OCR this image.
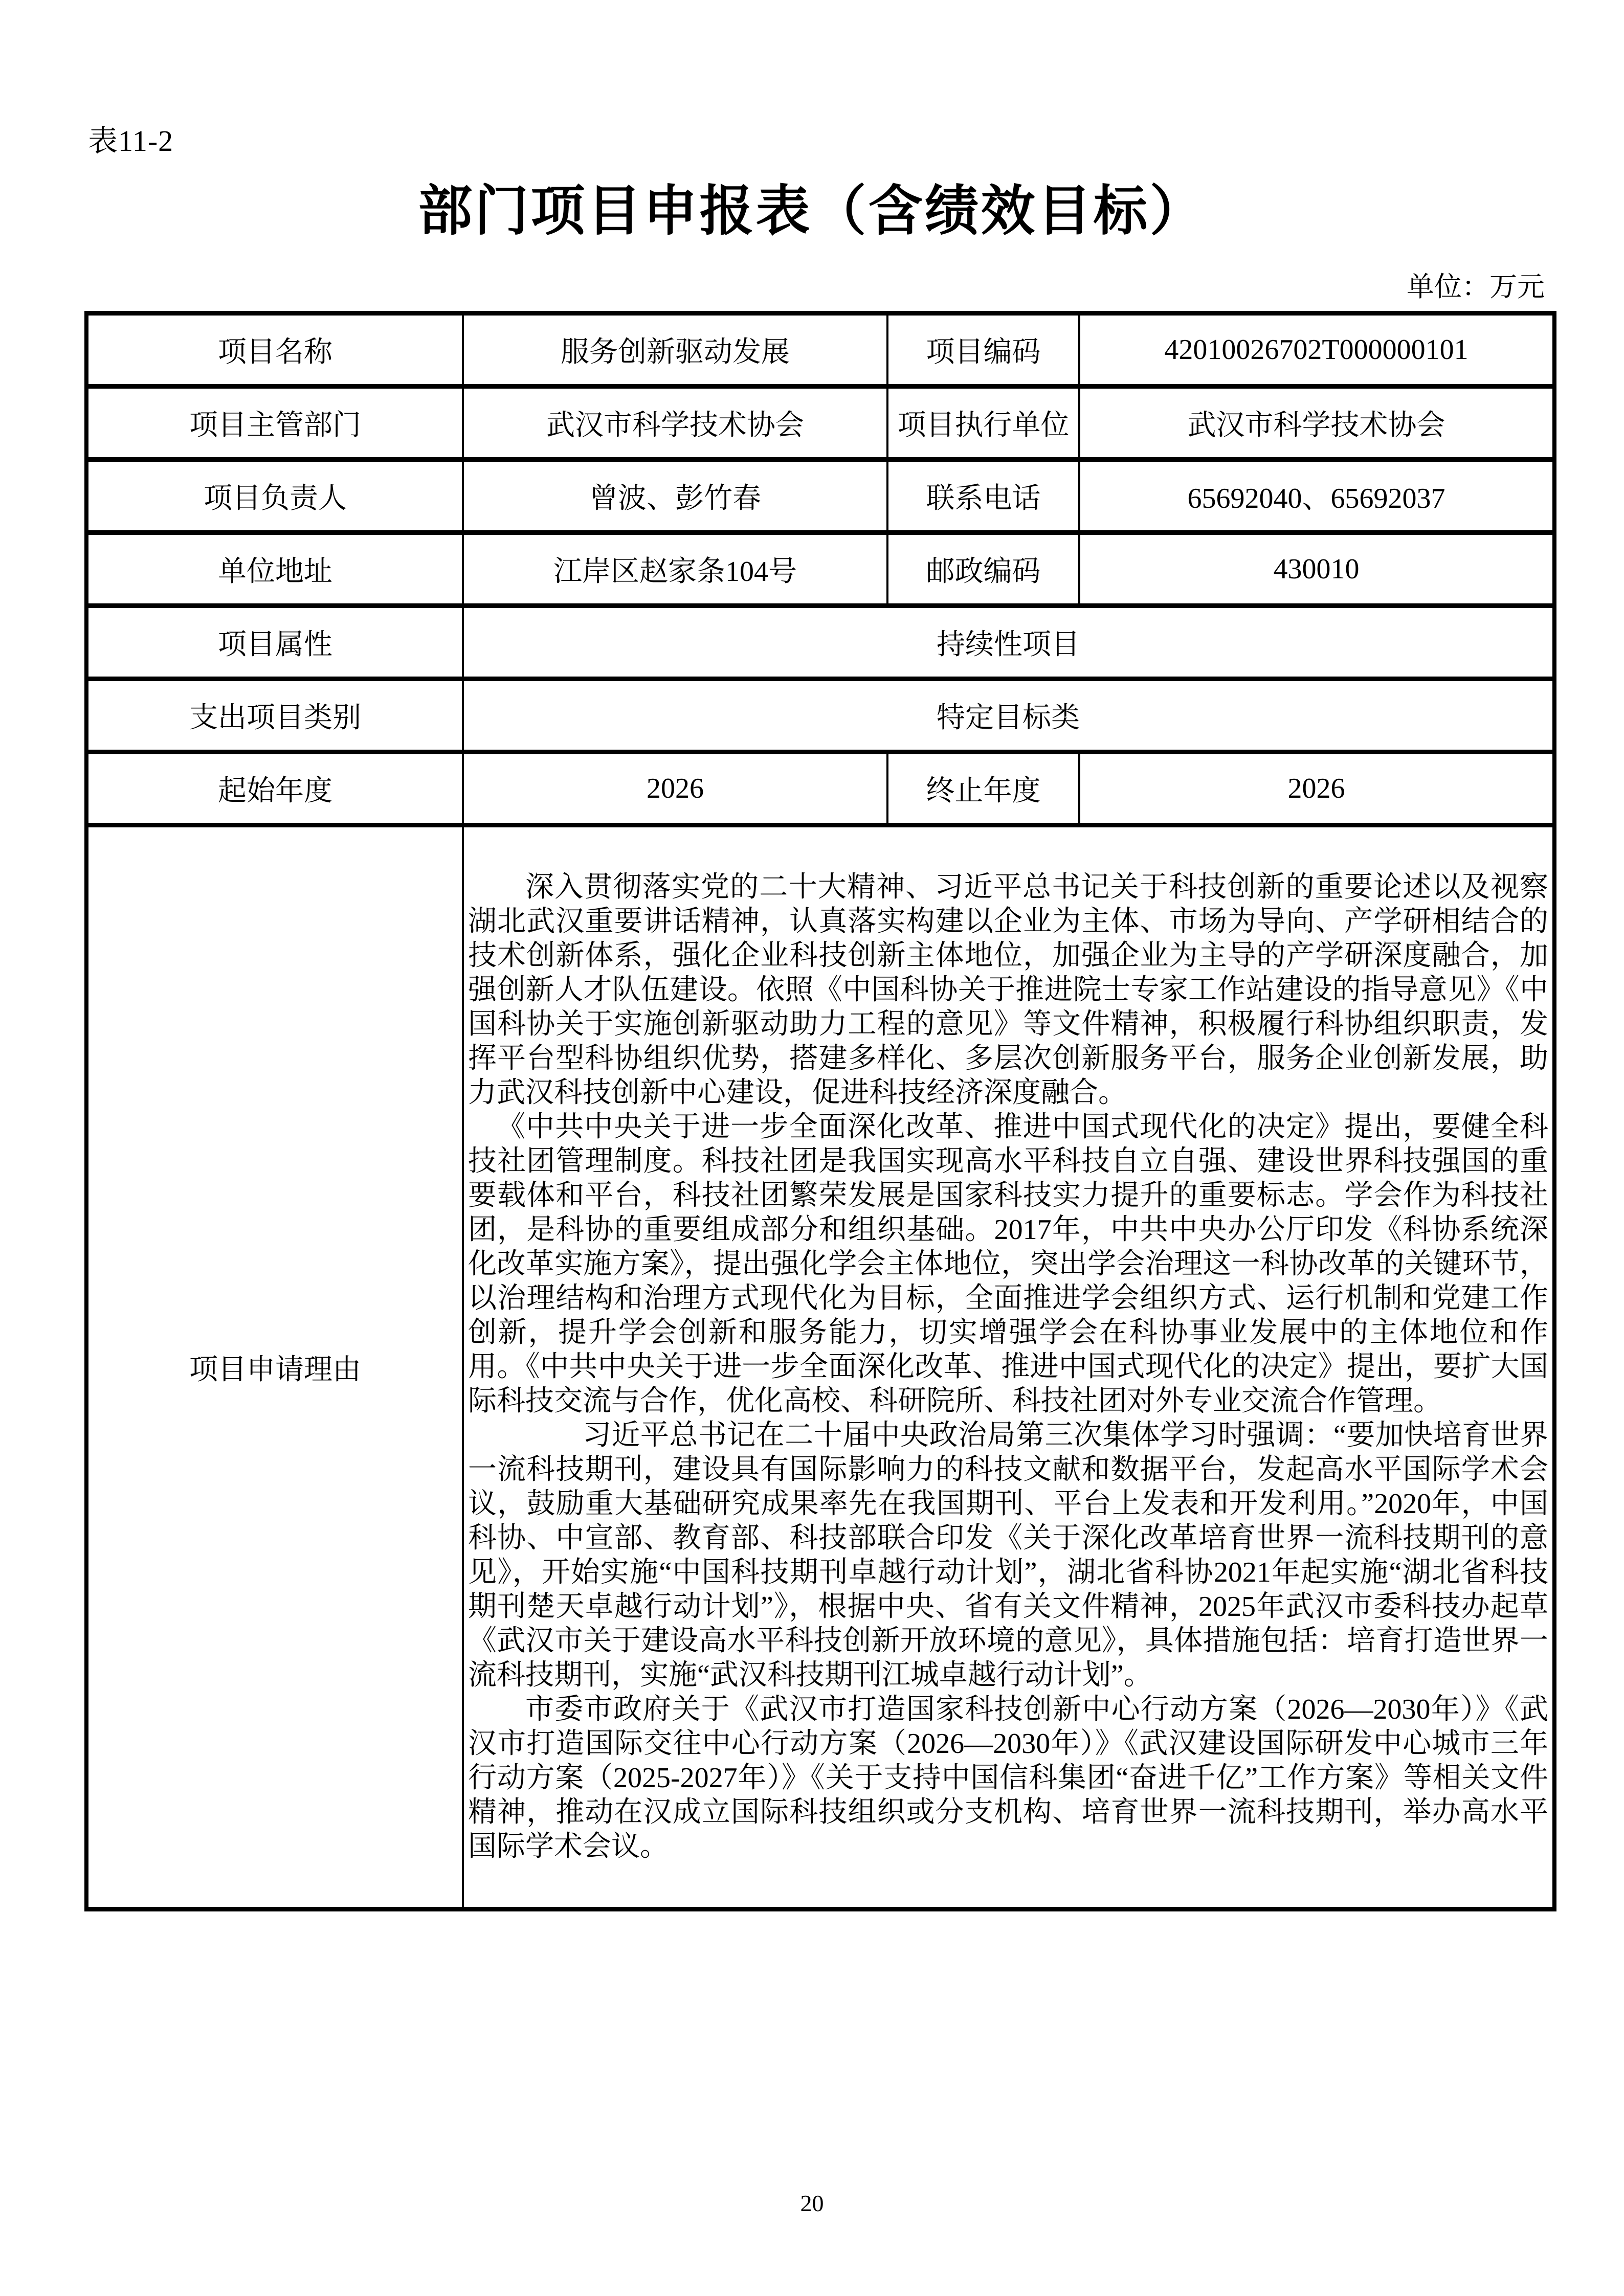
表11-2
部门项目申报表（含绩效目标）
单位：万元
项目名称	服务创新驱动发展	项目编码	42010026702T000000101
项目主管部门	武汉市科学技术协会	项目执行单位	武汉市科学技术协会
项目负责人	曾波、彭竹春	联系电话	65692040、65692037
单位地址	江岸区赵家条104号	邮政编码	430010
项目属性	持续性项目		
支出项目类别	特定目标类		
起始年度	2026	终止年度	2026
项目申请理由	深入贯彻落实党的二十大精神、习近平总书记关于科技创新的重要论述以及视察湖北武汉重要讲话精神，认真落实构建以企业为主体、市场为导向、产学研相结合的技术创新体系，强化企业科技创新主体地位，加强企业为主导的产学研深度融合，加强创新人才队伍建设。依照《中国科协关于推进院士专家工作站建设的指导意见》《中国科协关于实施创新驱动助力工程的意见》等文件精神，积极履行科协组织职责，发挥平台型科协组织优势，搭建多样化、多层次创新服务平台，服务企业创新发展，助力武汉科技创新中心建设，促进科技经济深度融合。

《中共中央关于进一步全面深化改革、推进中国式现代化的决定》提出，要健全科技社团管理制度。科技社团是我国实现高水平科技自立自强、建设世界科技强国的重要载体和平台，科技社团繁荣发展是国家科技实力提升的重要标志。学会作为科技社团，是科协的重要组成部分和组织基础。2017年，中共中央办公厅印发《科协系统深化改革实施方案》，提出强化学会主体地位，突出学会治理这一科协改革的关键环节，以治理结构和治理方式现代化为目标，全面推进学会组织方式、运行机制和党建工作创新，提升学会创新和服务能力，切实增强学会在科协事业发展中的主体地位和作用。《中共中央关于进一步全面深化改革、推进中国式现代化的决定》提出，要扩大国际科技交流与合作，优化高校、科研院所、科技社团对外专业交流合作管理。

习近平总书记在二十届中央政治局第三次集体学习时强调：“要加快培育世界一流科技期刊，建设具有国际影响力的科技文献和数据平台，发起高水平国际学术会议，鼓励重大基础研究成果率先在我国期刊、平台上发表和开发利用。”2020年，中国科协、中宣部、教育部、科技部联合印发《关于深化改革培育世界一流科技期刊的意见》，开始实施“中国科技期刊卓越行动计划”，湖北省科协2021年起实施“湖北省科技期刊楚天卓越行动计划”》，根据中央、省有关文件精神，2025年武汉市委科技办起草《武汉市关于建设高水平科技创新开放环境的意见》，具体措施包括：培育打造世界一流科技期刊，实施“武汉科技期刊江城卓越行动计划”。

市委市政府关于《武汉市打造国家科技创新中心行动方案（2026—2030年）》《武汉市打造国际交往中心行动方案（2026—2030年）》《武汉建设国际研发中心城市三年行动方案（2025-2027年）》《关于支持中国信科集团“奋进千亿”工作方案》等相关文件精神，推动在汉成立国际科技组织或分支机构、培育世界一流科技期刊，举办高水平国际学术会议。		

20
